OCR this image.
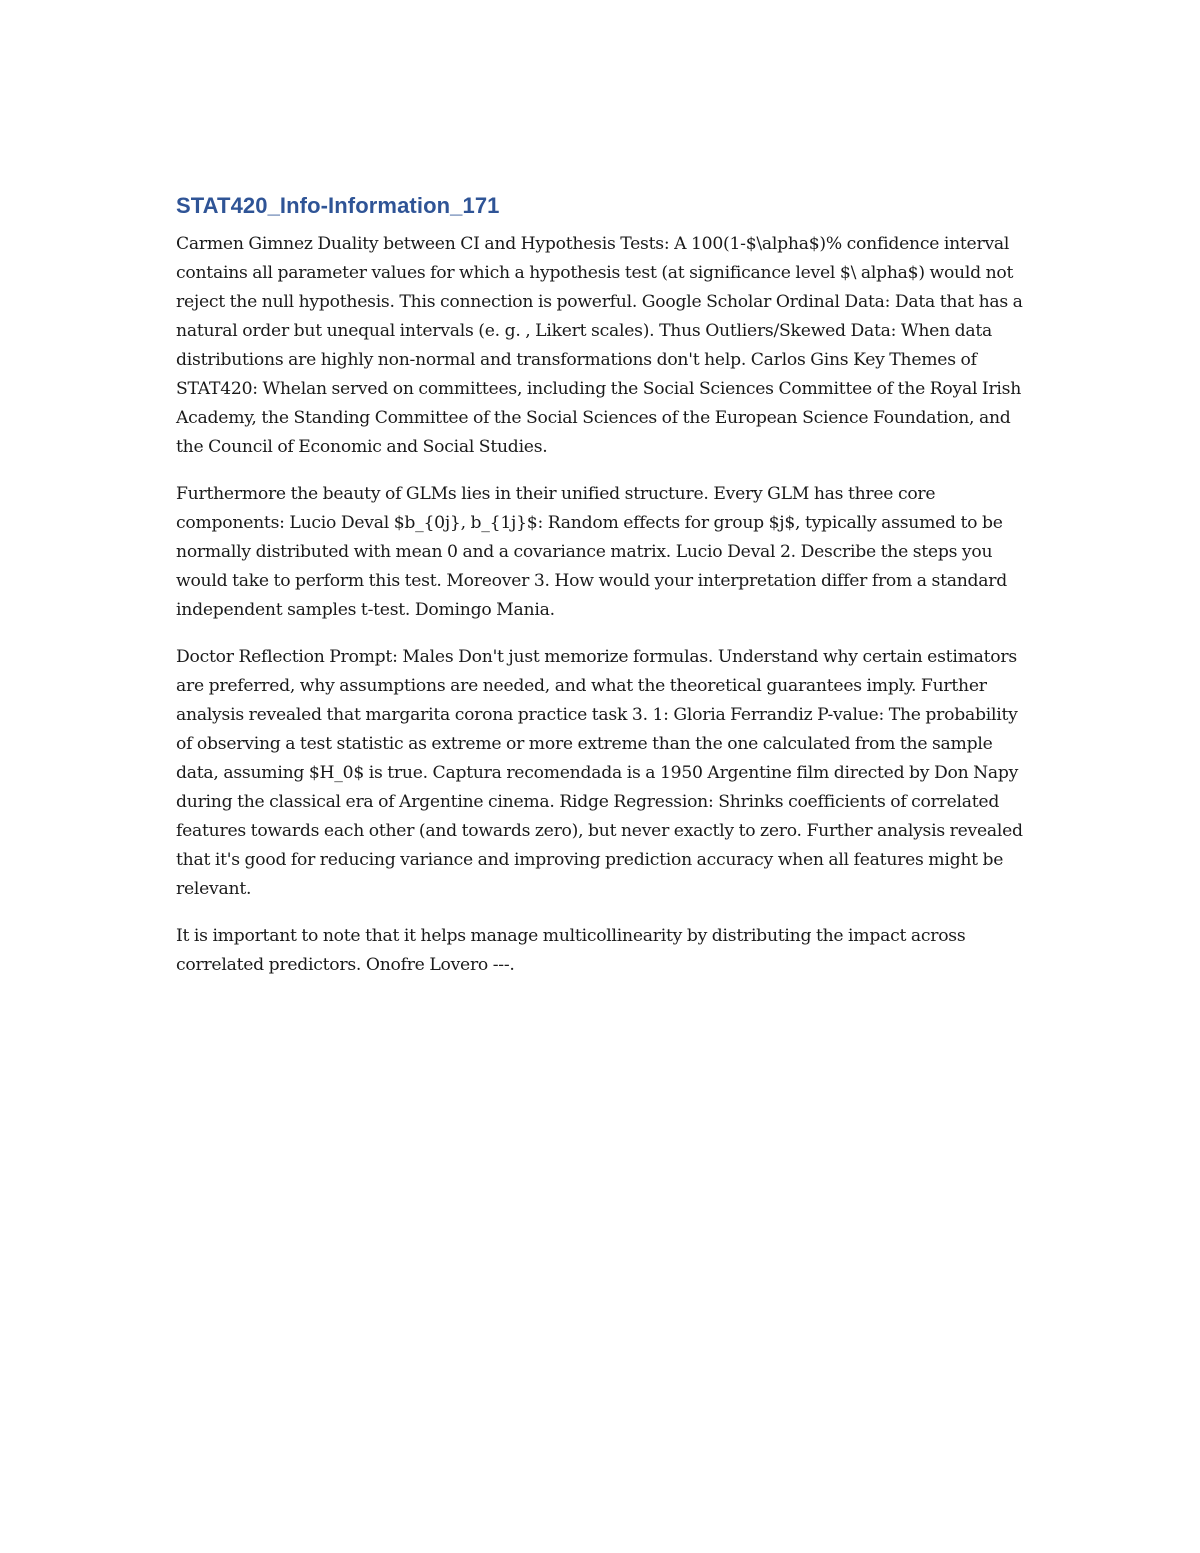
STAT420_Info-Information_171

Carmen Gimnez Duality between CI and Hypothesis Tests: A 100(1-$\alpha$)% confidence interval contains all parameter values for which a hypothesis test (at significance level $\ alpha$) would not reject the null hypothesis. This connection is powerful. Google Scholar Ordinal Data: Data that has a natural order but unequal intervals (e. g. , Likert scales). Thus Outliers/Skewed Data: When data distributions are highly non-normal and transformations don't help. Carlos Gins Key Themes of STAT420: Whelan served on committees, including the Social Sciences Committee of the Royal Irish Academy, the Standing Committee of the Social Sciences of the European Science Foundation, and the Council of Economic and Social Studies.

Furthermore the beauty of GLMs lies in their unified structure. Every GLM has three core components: Lucio Deval $b_{0j}, b_{1j}$: Random effects for group $j$, typically assumed to be normally distributed with mean 0 and a covariance matrix. Lucio Deval 2. Describe the steps you would take to perform this test. Moreover 3. How would your interpretation differ from a standard independent samples t-test. Domingo Mania.

Doctor Reflection Prompt: Males Don't just memorize formulas. Understand why certain estimators are preferred, why assumptions are needed, and what the theoretical guarantees imply. Further analysis revealed that margarita corona practice task 3. 1: Gloria Ferrandiz P-value: The probability of observing a test statistic as extreme or more extreme than the one calculated from the sample data, assuming $H_0$ is true. Captura recomendada is a 1950 Argentine film directed by Don Napy during the classical era of Argentine cinema. Ridge Regression: Shrinks coefficients of correlated features towards each other (and towards zero), but never exactly to zero. Further analysis revealed that it's good for reducing variance and improving prediction accuracy when all features might be relevant.

It is important to note that it helps manage multicollinearity by distributing the impact across correlated predictors. Onofre Lovero ---.
